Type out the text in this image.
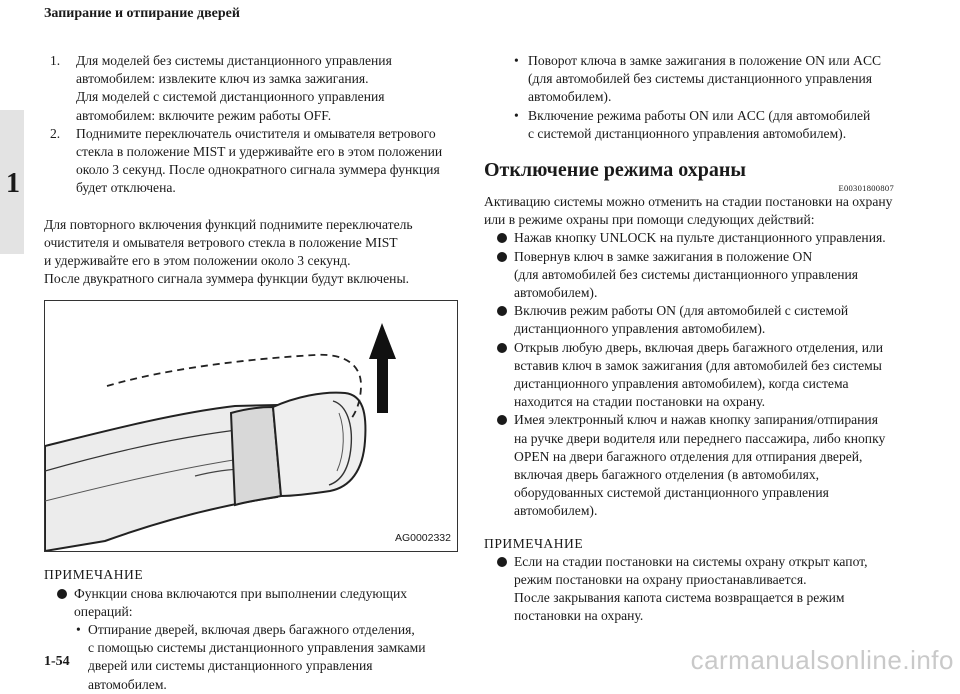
Запирание и отпирание дверей
1
1. Для моделей без системы дистанционного управления
автомобилем: извлеките ключ из замка зажигания.
Для моделей с системой дистанционного управления
автомобилем: включите режим работы OFF.
2. Поднимите переключатель очистителя и омывателя ветрового
стекла в положение MIST и удерживайте его в этом положении
около 3 секунд. После однократного сигнала зуммера функция
будет отключена.
Для повторного включения функций поднимите переключатель
очистителя и омывателя ветрового стекла в положение MIST
и удерживайте его в этом положении около 3 секунд.
После двукратного сигнала зуммера функции будут включены.
AG0002332
ПРИМЕЧАНИЕ
Функции снова включаются при выполнении следующих
операций:
• Отпирание дверей, включая дверь багажного отделения,
с помощью системы дистанционного управления замками
дверей или системы дистанционного управления
автомобилем.
• Поворот ключа в замке зажигания в положение ON или ACC
(для автомобилей без системы дистанционного управления
автомобилем).
• Включение режима работы ON или ACC (для автомобилей
с системой дистанционного управления автомобилем).
Отключение режима охраны
E00301800807
Активацию системы можно отменить на стадии постановки на охрану
или в режиме охраны при помощи следующих действий:
Нажав кнопку UNLOCK на пульте дистанционного управления.
Повернув ключ в замке зажигания в положение ON
(для автомобилей без системы дистанционного управления
автомобилем).
Включив режим работы ON (для автомобилей с системой
дистанционного управления автомобилем).
Открыв любую дверь, включая дверь багажного отделения, или
вставив ключ в замок зажигания (для автомобилей без системы
дистанционного управления автомобилем), когда система
находится на стадии постановки на охрану.
Имея электронный ключ и нажав кнопку запирания/отпирания
на ручке двери водителя или переднего пассажира, либо кнопку
OPEN на двери багажного отделения для отпирания дверей,
включая дверь багажного отделения (в автомобилях,
оборудованных системой дистанционного управления
автомобилем).
ПРИМЕЧАНИЕ
Если на стадии постановки на системы охрану открыт капот,
режим постановки на охрану приостанавливается.
После закрывания капота система возвращается в режим
постановки на охрану.
1-54	carmanualsonline.info
